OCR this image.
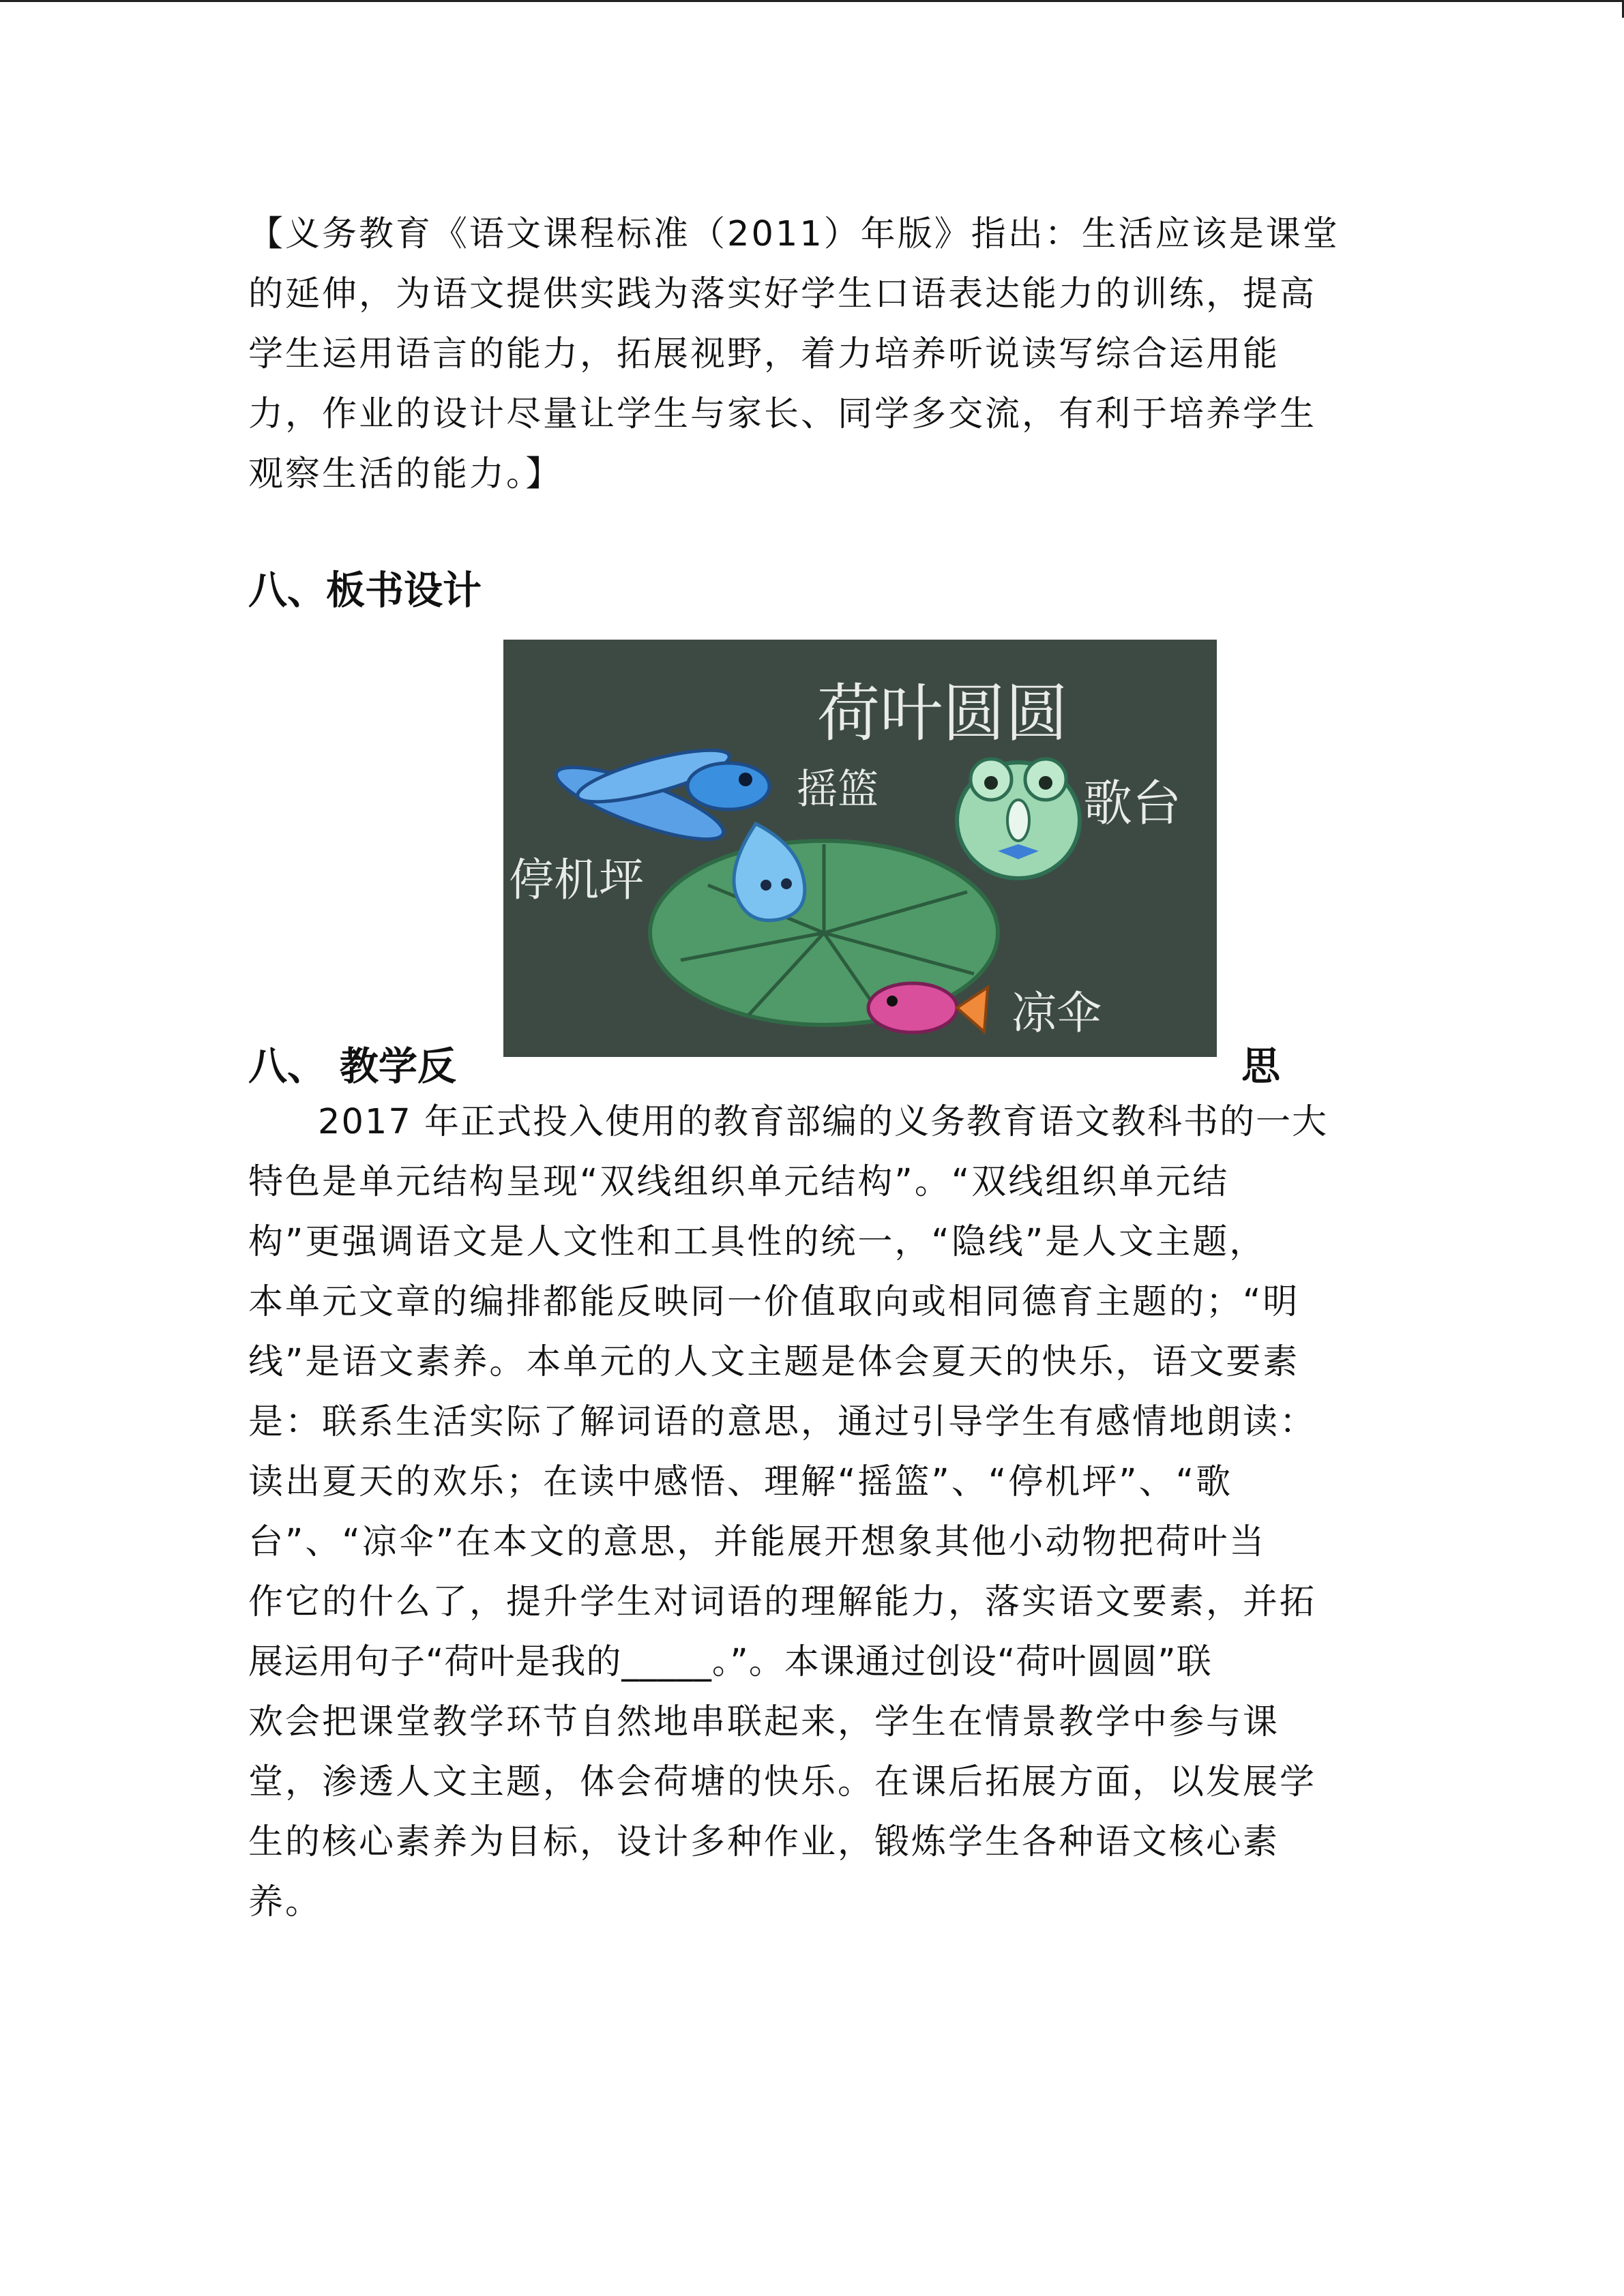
【义务教育《语文课程标准（2011）年版》指出：生活应该是课堂
的延伸，为语文提供实践为落实好学生口语表达能力的训练，提高
学生运用语言的能力，拓展视野，着力培养听说读写综合运用能
力，作业的设计尽量让学生与家长、同学多交流，有利于培养学生
观察生活的能力。】
八、板书设计
荷叶圆圆
摇篮	歌台
停机坪
凉伞
八、 教学反	思
2017 年正式投入使用的教育部编的义务教育语文教科书的一大
特色是单元结构呈现“双线组织单元结构”。“双线组织单元结
构”更强调语文是人文性和工具性的统一，“隐线”是人文主题，
本单元文章的编排都能反映同一价值取向或相同德育主题的；“明
线”是语文素养。本单元的人文主题是体会夏天的快乐，语文要素
是：联系生活实际了解词语的意思，通过引导学生有感情地朗读：
读出夏天的欢乐；在读中感悟、理解“摇篮”、“停机坪”、“歌
台”、“凉伞”在本文的意思，并能展开想象其他小动物把荷叶当
作它的什么了，提升学生对词语的理解能力，落实语文要素，并拓
展运用句子“荷叶是我的_____。”。本课通过创设“荷叶圆圆”联
欢会把课堂教学环节自然地串联起来，学生在情景教学中参与课
堂，渗透人文主题，体会荷塘的快乐。在课后拓展方面，以发展学
生的核心素养为目标，设计多种作业，锻炼学生各种语文核心素
养。
